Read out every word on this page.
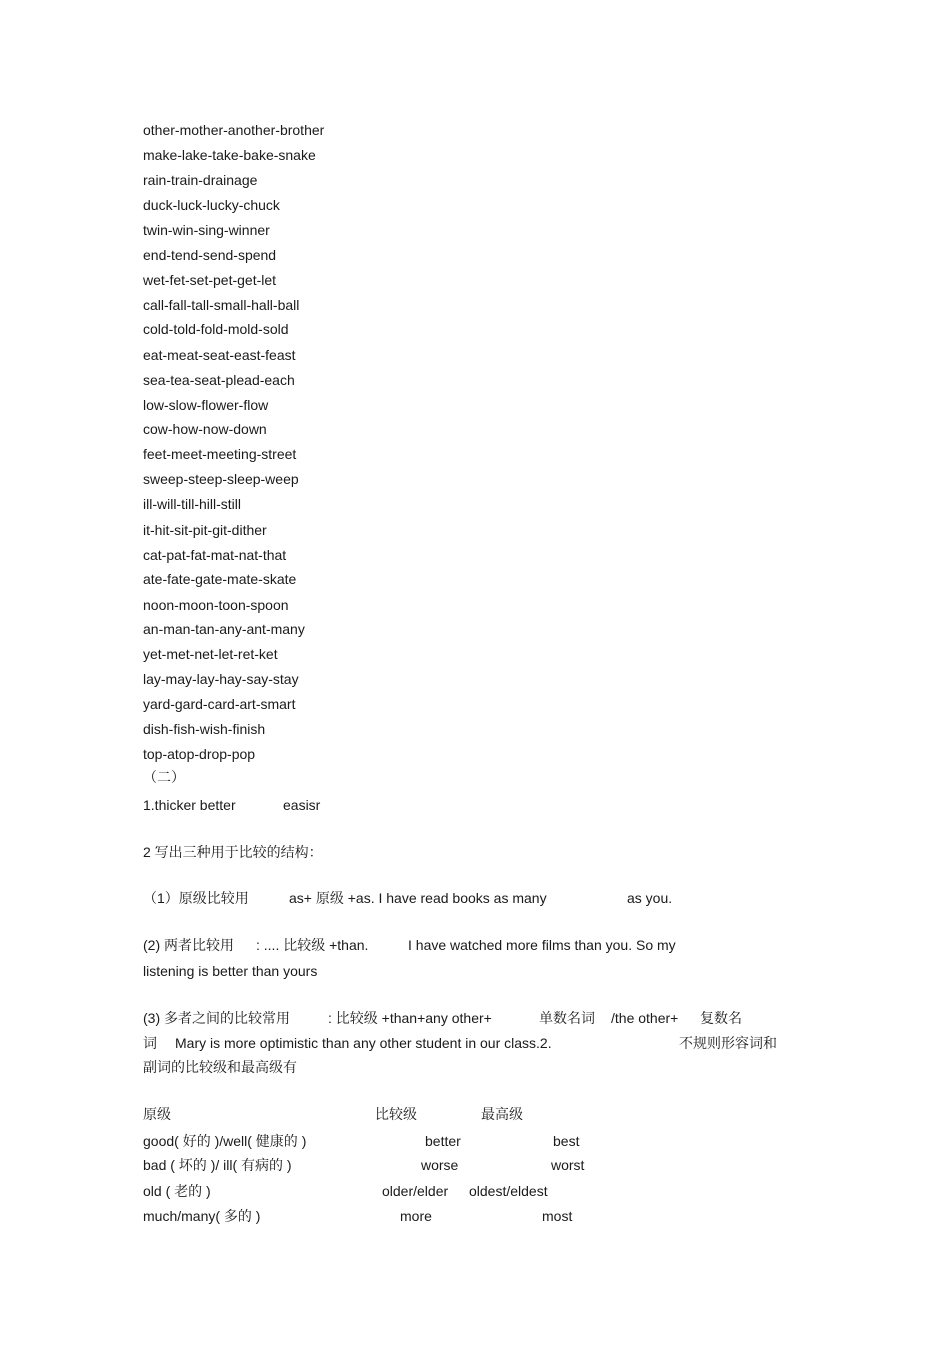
other-mother-another-brother
make-lake-take-bake-snake
rain-train-drainage
duck-luck-lucky-chuck
twin-win-sing-winner
end-tend-send-spend
wet-fet-set-pet-get-let
call-fall-tall-small-hall-ball
cold-told-fold-mold-sold
eat-meat-seat-east-feast
sea-tea-seat-plead-each
low-slow-flower-flow
cow-how-now-down
feet-meet-meeting-street
sweep-steep-sleep-weep
ill-will-till-hill-still
it-hit-sit-pit-git-dither
cat-pat-fat-mat-nat-that
ate-fate-gate-mate-skate
noon-moon-toon-spoon
an-man-tan-any-ant-many
yet-met-net-let-ret-ket
lay-may-lay-hay-say-stay
yard-gard-card-art-smart
dish-fish-wish-finish
top-atop-drop-pop
（二）
1.thicker better	easisr
2 写出三种用于比较的结构：
（1）原级比较用	as+ 原级 +as. I have read books as many	as you.
(2) 两者比较用 : .... 比较级 +than.	I have watched more films than you. So my
listening is better than yours
(3) 多者之间的比较常用	: 比较级 +than+any other+	单数名词 /the other+ 复数名
词 Mary is more optimistic than any other student in our class.2.	不规则形容词和
副词的比较级和最高级有
原级	比较级	最高级
good( 好的 )/well( 健康的 )	better	best
bad ( 坏的 )/ ill( 有病的 )	worse	worst
old ( 老的 )	older/elder oldest/eldest
much/many( 多的 )	more	most
